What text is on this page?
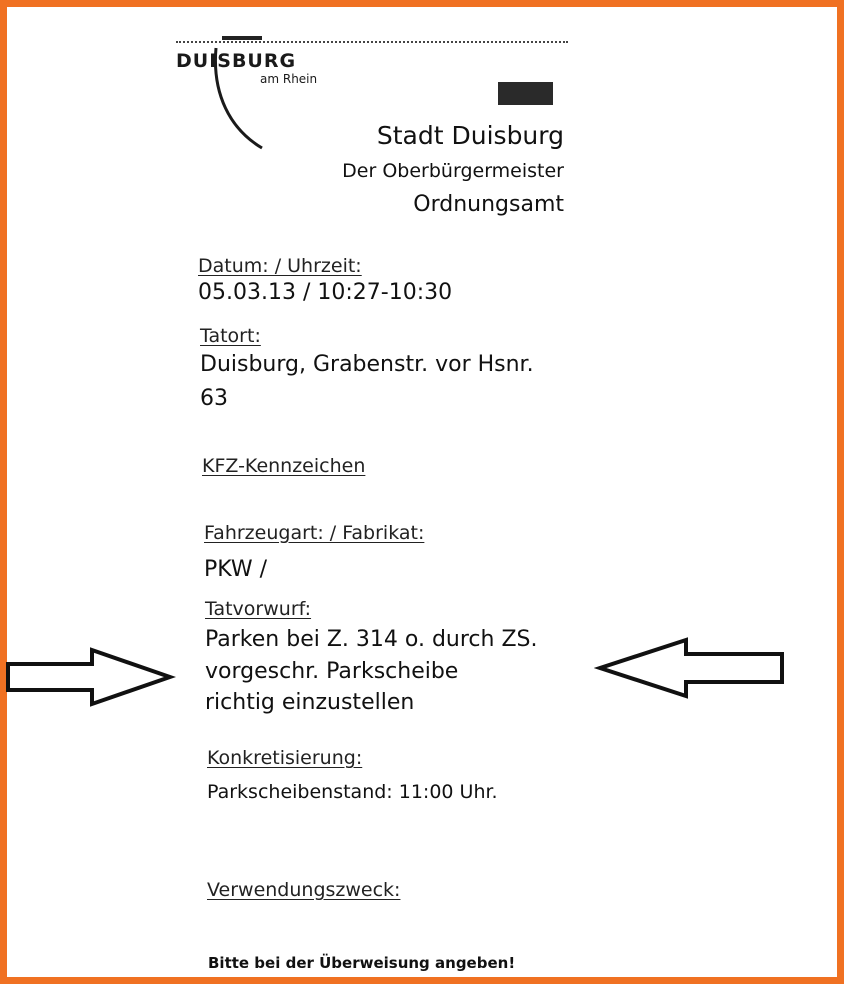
DUISBURG
am Rhein
Stadt Duisburg
Der Oberbürgermeister
Ordnungsamt
Datum: / Uhrzeit:
05.03.13 / 10:27-10:30
Tatort:
Duisburg, Grabenstr. vor Hsnr.
63
KFZ-Kennzeichen
Fahrzeugart: / Fabrikat:
PKW /
Tatvorwurf:
Parken bei Z. 314 o. durch ZS.
vorgeschr. Parkscheibe
richtig einzustellen
Konkretisierung:
Parkscheibenstand: 11:00 Uhr.
Verwendungszweck:
Bitte bei der Überweisung angeben!
